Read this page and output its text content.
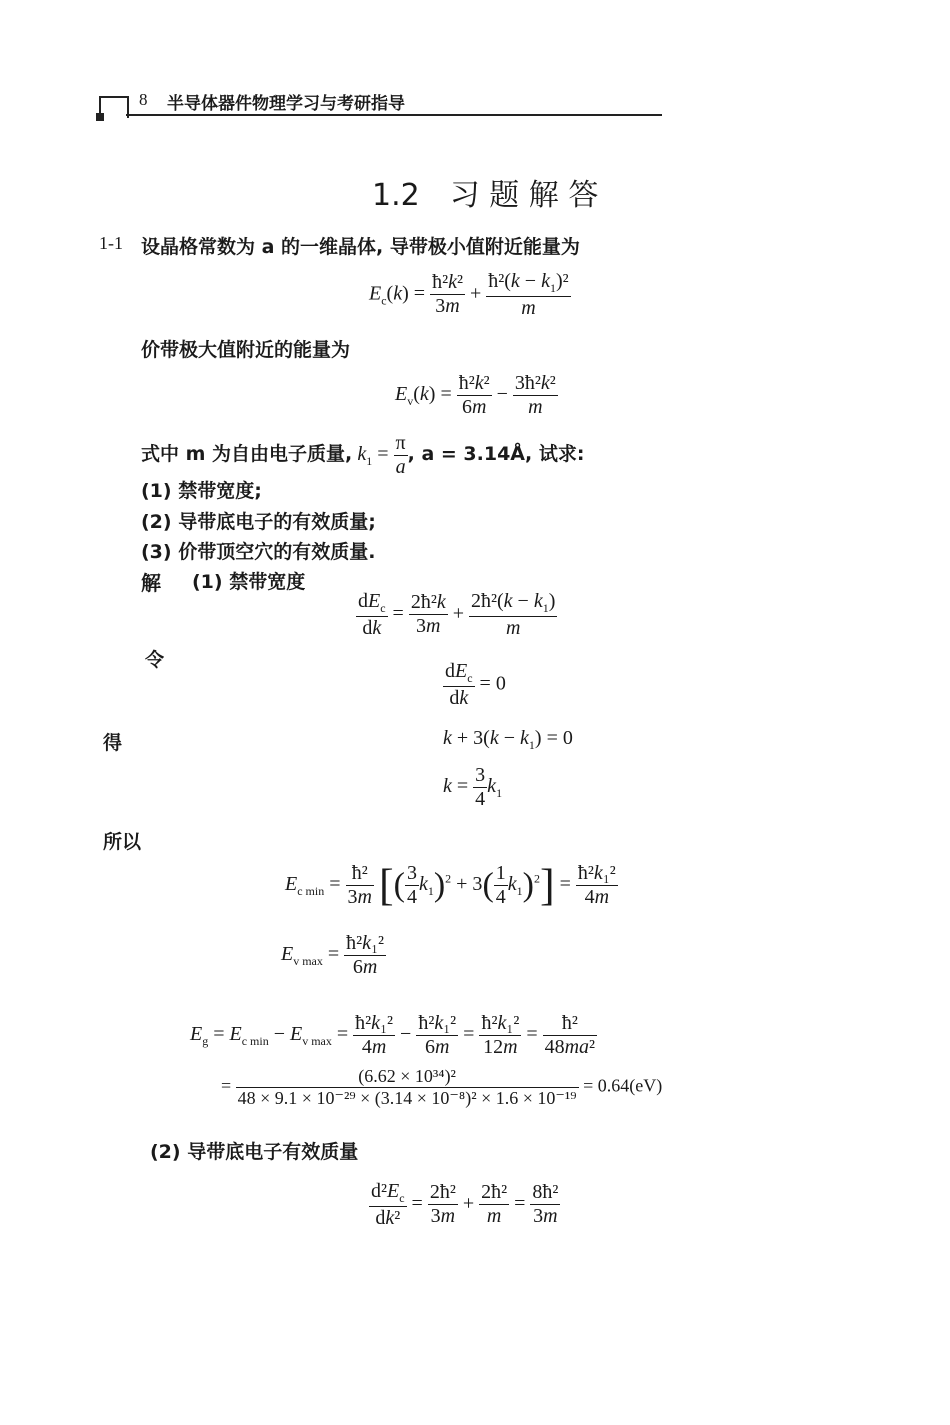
8 半导体器件物理学习与考研指导
1.2　习 题 解 答
1-1 设晶格常数为 a 的一维晶体, 导带极小值附近能量为
$E_c(k) = \frac{\text{ħ²k²}}{3m} + \frac{ħ^2(k - k_1)^2}{m}$
价带极大值附近的能量为
$E_v(k) = \frac{\text{ħ²k²}}{6m} - \frac{\text{3ħ²k²}}{m}$
式中 m 为自由电子质量, $k_1 = \frac{\pi}{a}$ , a = 3.14Å, 试求:
(1) 禁带宽度;
(2) 导带底电子的有效质量;
(3) 价带顶空穴的有效质量.
解 (1) 禁带宽度
$\frac{dE_c}{dk} = \frac{\text{2ħ²k}}{3m} + \frac{2ħ^2(k - k_1)}{m}$
令	$\frac{dE_c}{dk} = 0$
得	$k + 3(k - k_1) = 0$
$k = \frac{3}{4} k_1$
所以
$E_{c min} = \frac{\text{ħ²}}{3m}$ [( $\frac{3}{4} k_1)^2 + 3( \frac{1}{4} k_1)^2] = \frac{\text{ħ²k₁²}}{4m}$
$E_{v max} = \frac{\text{ħ²k₁²}}{6m}$
$E_g = E_{c min} - E_{v max} = \frac{\text{ħ²k₁²}}{4m} - \frac{\text{ħ²k₁²}}{6m} = \frac{\text{ħ²k₁²}}{12m} = \frac{\text{ħ²}}{\text{48ma²}}$
= $\frac{\text{(6.62 × 10³⁴)²}}{\text{48 × 9.1 × 10⁻²⁹ × (3.14 × 10⁻⁸)² × 1.6 × 10⁻¹⁹}} = 0.64(eV)$
(2) 导带底电子有效质量
$\frac{d^2E_c}{\text{dk²}} = \frac{\text{2ħ²}}{3m} + \frac{\text{2ħ²}}{m} = \frac{\text{8ħ²}}{3m}$
